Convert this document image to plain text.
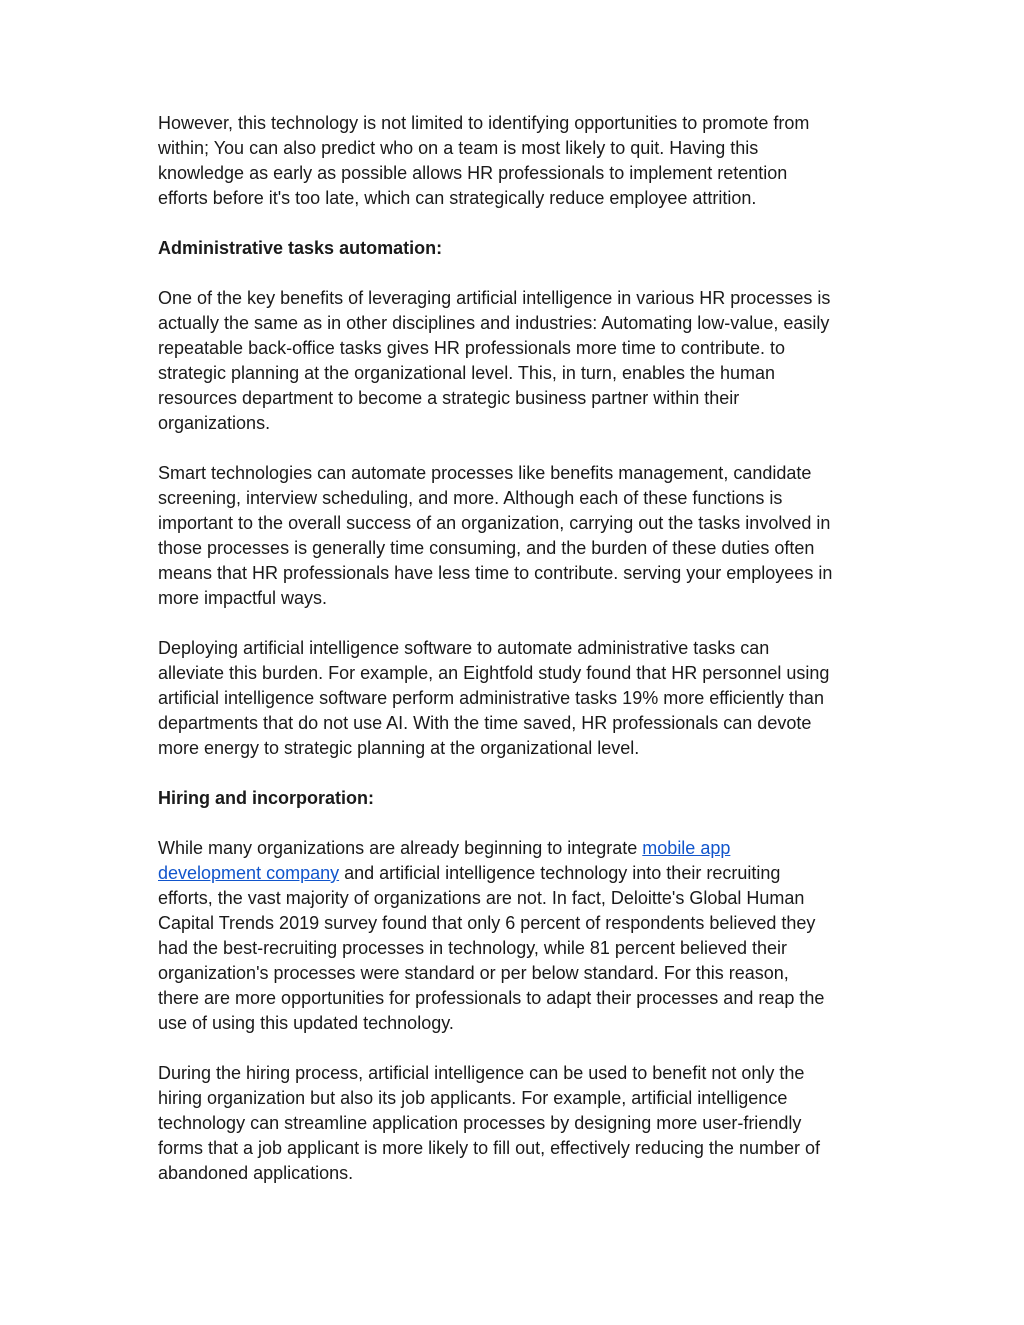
However, this technology is not limited to identifying opportunities to promote from
within; You can also predict who on a team is most likely to quit. Having this
knowledge as early as possible allows HR professionals to implement retention
efforts before it's too late, which can strategically reduce employee attrition.

Administrative tasks automation:

One of the key benefits of leveraging artificial intelligence in various HR processes is
actually the same as in other disciplines and industries: Automating low-value, easily
repeatable back-office tasks gives HR professionals more time to contribute. to
strategic planning at the organizational level. This, in turn, enables the human
resources department to become a strategic business partner within their
organizations.

Smart technologies can automate processes like benefits management, candidate
screening, interview scheduling, and more. Although each of these functions is
important to the overall success of an organization, carrying out the tasks involved in
those processes is generally time consuming, and the burden of these duties often
means that HR professionals have less time to contribute. serving your employees in
more impactful ways.

Deploying artificial intelligence software to automate administrative tasks can
alleviate this burden. For example, an Eightfold study found that HR personnel using
artificial intelligence software perform administrative tasks 19% more efficiently than
departments that do not use AI. With the time saved, HR professionals can devote
more energy to strategic planning at the organizational level.

Hiring and incorporation:

While many organizations are already beginning to integrate mobile app
development company and artificial intelligence technology into their recruiting
efforts, the vast majority of organizations are not. In fact, Deloitte's Global Human
Capital Trends 2019 survey found that only 6 percent of respondents believed they
had the best-recruiting processes in technology, while 81 percent believed their
organization's processes were standard or per below standard. For this reason,
there are more opportunities for professionals to adapt their processes and reap the
use of using this updated technology.

During the hiring process, artificial intelligence can be used to benefit not only the
hiring organization but also its job applicants. For example, artificial intelligence
technology can streamline application processes by designing more user-friendly
forms that a job applicant is more likely to fill out, effectively reducing the number of
abandoned applications.
